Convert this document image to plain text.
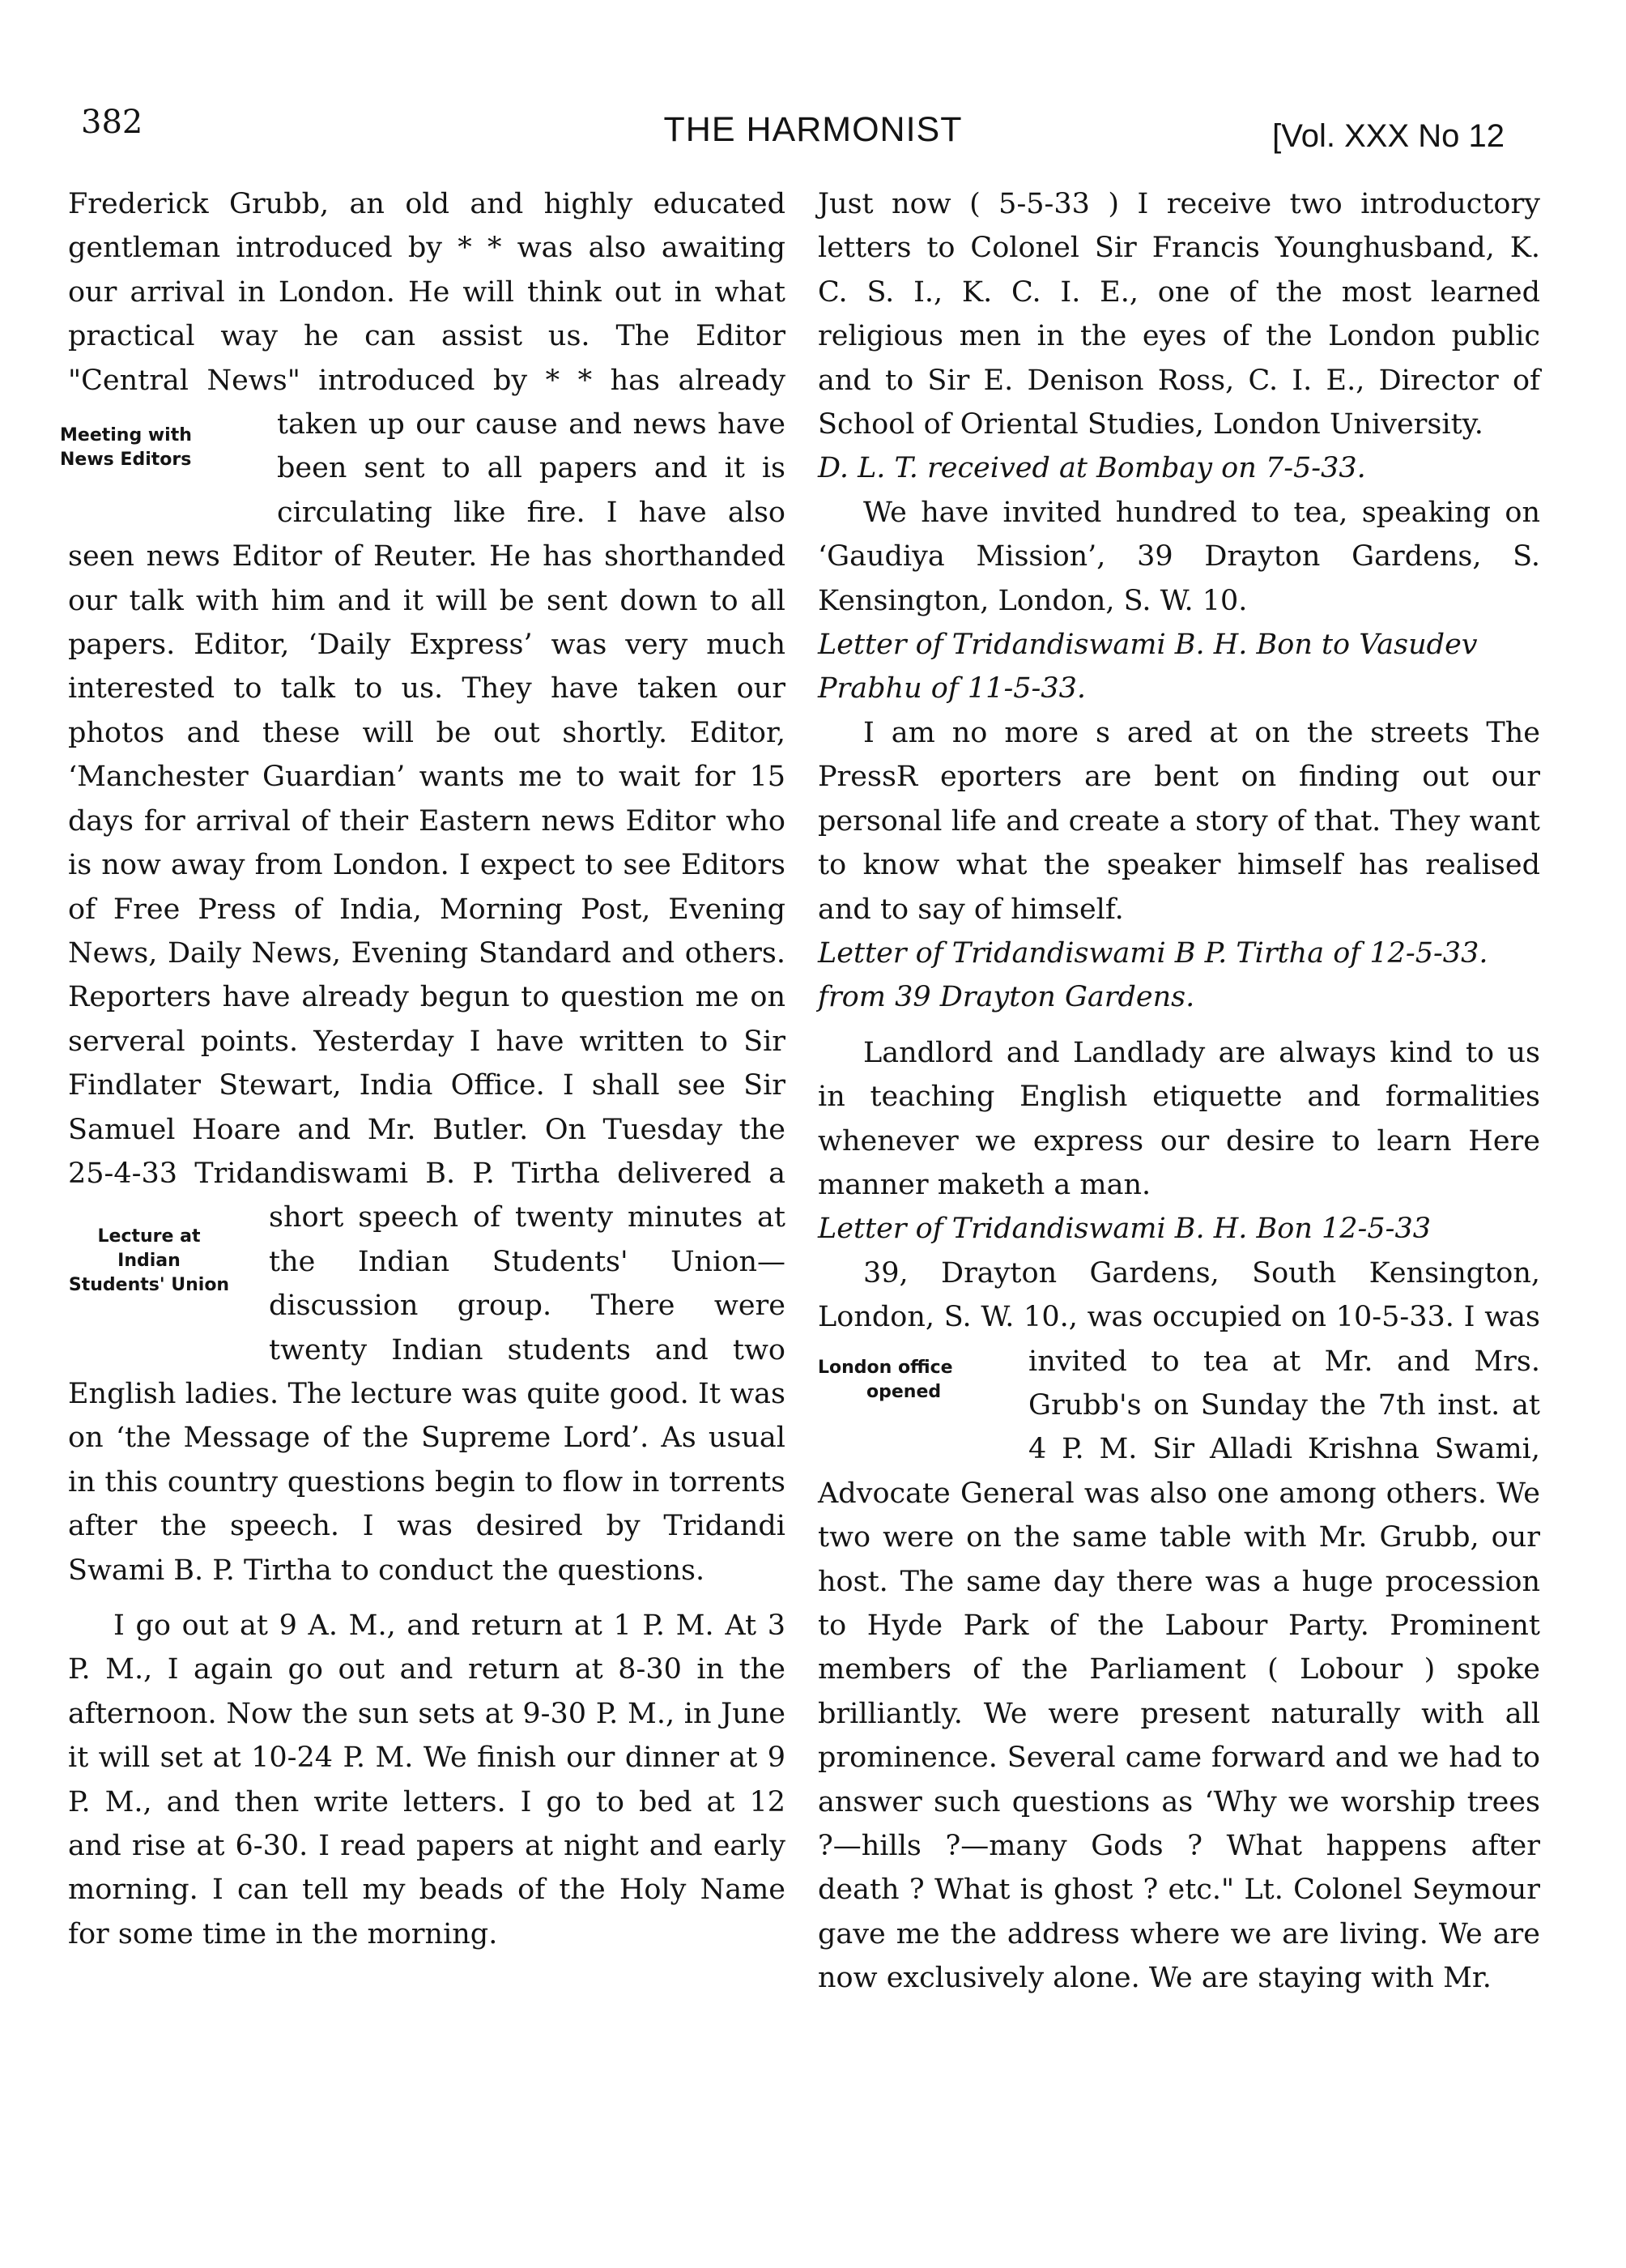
382	THE HARMONIST	[Vol. XXX No 12

Frederick Grubb, an old and highly educated gentleman introduced by * * was also awaiting our arrival in London. He will think out in what practical way he can assist us. The Editor "Central News" introduced by * * has already
Meeting with
News Editors
taken up our cause and news have been sent to all papers and it is circulating like fire. I have also seen news Editor of Reuter. He has shorthanded our talk with him and it will be sent down to all papers. Editor, ‘Daily Express’ was very much interested to talk to us. They have taken our photos and these will be out shortly. Editor, ‘Manchester Guardian’ wants me to wait for 15 days for arrival of their Eastern news Editor who is now away from London. I expect to see Editors of Free Press of India, Morning Post, Evening News, Daily News, Evening Standard and others. Reporters have already begun to question me on serveral points. Yesterday I have written to Sir Findlater Stewart, India Office. I shall see Sir Samuel Hoare and Mr. Butler. On Tuesday the 25-4-33 Tridandiswami B. P. Tirtha delivered a short
Lecture at
Indian
Students' Union
speech of twenty minutes at the Indian Students' Union—discussion group. There were twenty Indian students and two English ladies. The lecture was quite good. It was on ‘the Message of the Supreme Lord’. As usual in this country questions begin to flow in torrents after the speech. I was desired by Tridandi Swami B. P. Tirtha to conduct the questions.

I go out at 9 A. M., and return at 1 P. M. At 3 P. M., I again go out and return at 8-30 in the afternoon. Now the sun sets at 9-30 P. M., in June it will set at 10-24 P. M. We finish our dinner at 9 P. M., and then write letters. I go to bed at 12 and rise at 6-30. I read papers at night and early morning. I can tell my beads of the Holy Name for some time in the morning.

Just now ( 5-5-33 ) I receive two introductory letters to Colonel Sir Francis Younghusband, K. C. S. I., K. C. I. E., one of the most learned religious men in the eyes of the London public and to Sir E. Denison Ross, C. I. E., Director of School of Oriental Studies, London University.

D. L. T. received at Bombay on 7-5-33.

We have invited hundred to tea, speaking on ‘Gaudiya Mission’, 39 Drayton Gardens, S. Kensington, London, S. W. 10.

Letter of Tridandiswami B. H. Bon to Vasudev Prabhu of 11-5-33.

I am no more s ared at on the streets The PressR eporters are bent on finding out our personal life and create a story of that. They want to know what the speaker himself has realised and to say of himself.

Letter of Tridandiswami B P. Tirtha of 12-5-33. from 39 Drayton Gardens.

Landlord and Landlady are always kind to us in teaching English etiquette and formalities whenever we express our desire to learn Here manner maketh a man.

Letter of Tridandiswami B. H. Bon 12-5-33

39, Drayton Gardens, South Kensington, London, S. W. 10., was occupied on 10-5-33.
London office
opened
I was invited to tea at Mr. and Mrs. Grubb's on Sunday the 7th inst. at 4 P. M. Sir Alladi Krishna Swami, Advocate General was also one among others. We two were on the same table with Mr. Grubb, our host. The same day there was a huge procession to Hyde Park of the Labour Party. Prominent members of the Parliament ( Lobour ) spoke brilliantly. We were present naturally with all prominence. Several came forward and we had to answer such questions as ‘Why we worship trees ?—hills ?—many Gods ? What happens after death ? What is ghost ? etc." Lt. Colonel Seymour gave me the address where we are living. We are now exclusively alone. We are staying with Mr.
